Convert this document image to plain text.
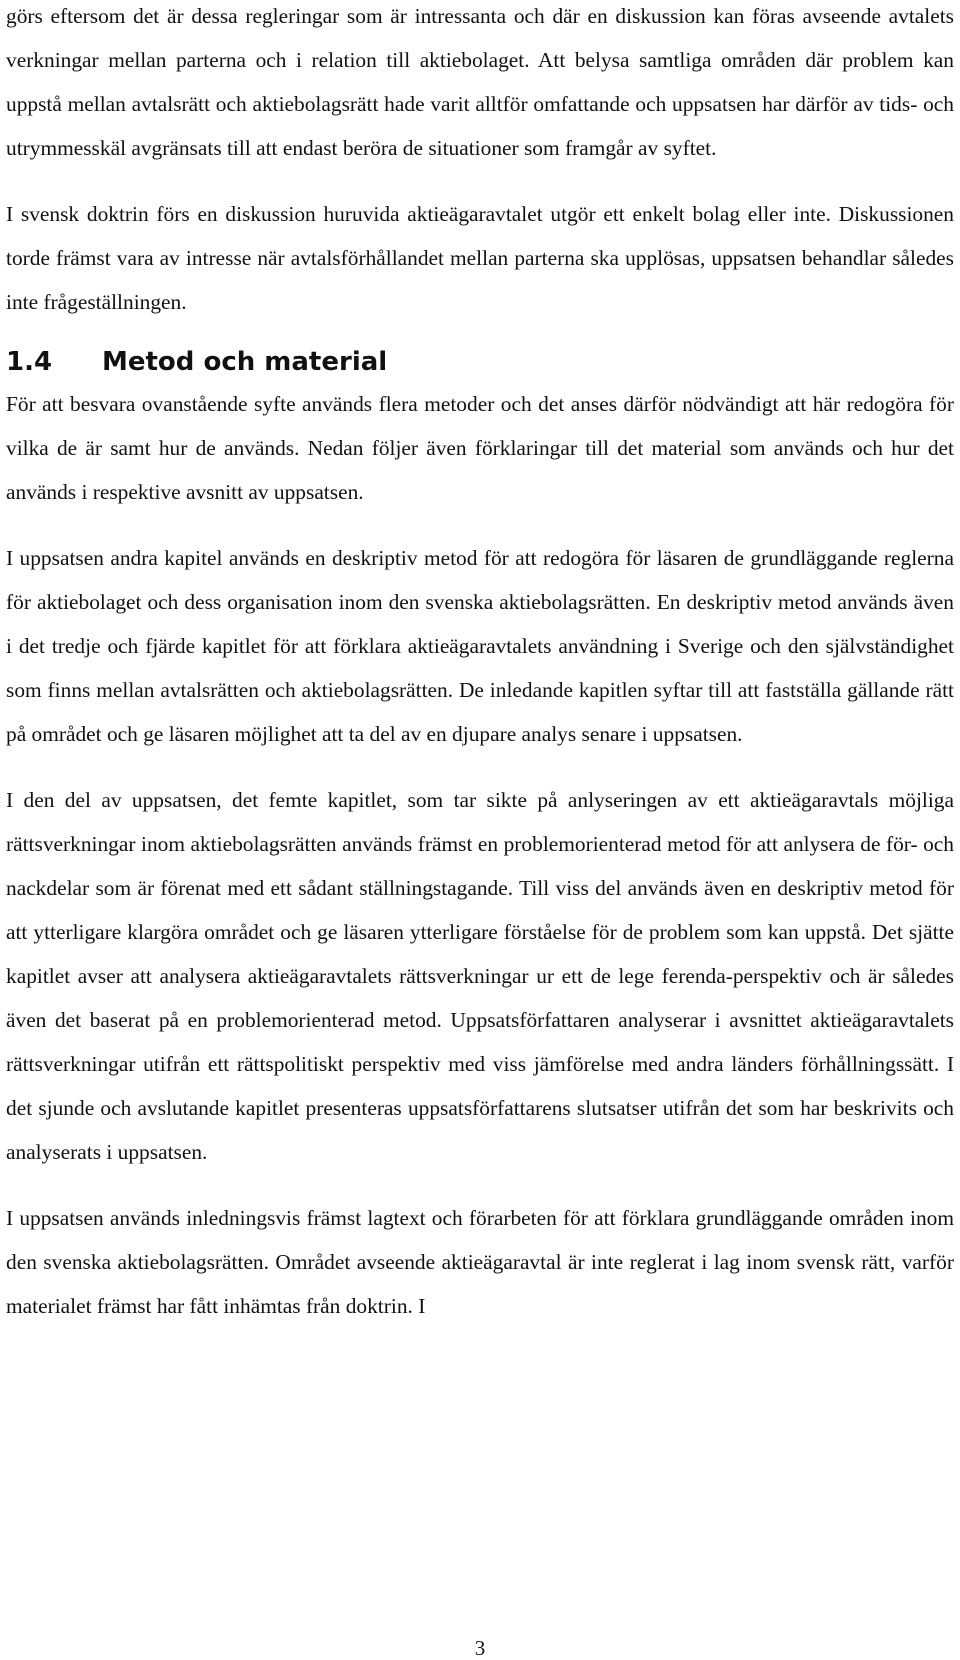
görs eftersom det är dessa regleringar som är intressanta och där en diskussion kan föras avseende avtalets verkningar mellan parterna och i relation till aktiebolaget. Att belysa samtliga områden där problem kan uppstå mellan avtalsrätt och aktiebolagsrätt hade varit alltför omfattande och uppsatsen har därför av tids- och utrymmesskäl avgränsats till att endast beröra de situationer som framgår av syftet.

I svensk doktrin förs en diskussion huruvida aktieägaravtalet utgör ett enkelt bolag eller inte. Diskussionen torde främst vara av intresse när avtalsförhållandet mellan parterna ska upplösas, uppsatsen behandlar således inte frågeställningen.

1.4 Metod och material

För att besvara ovanstående syfte används flera metoder och det anses därför nödvändigt att här redogöra för vilka de är samt hur de används. Nedan följer även förklaringar till det material som används och hur det används i respektive avsnitt av uppsatsen.

I uppsatsen andra kapitel används en deskriptiv metod för att redogöra för läsaren de grundläggande reglerna för aktiebolaget och dess organisation inom den svenska aktiebolagsrätten. En deskriptiv metod används även i det tredje och fjärde kapitlet för att förklara aktieägaravtalets användning i Sverige och den självständighet som finns mellan avtalsrätten och aktiebolagsrätten. De inledande kapitlen syftar till att fastställa gällande rätt på området och ge läsaren möjlighet att ta del av en djupare analys senare i uppsatsen.

I den del av uppsatsen, det femte kapitlet, som tar sikte på anlyseringen av ett aktieägaravtals möjliga rättsverkningar inom aktiebolagsrätten används främst en problemorienterad metod för att anlysera de för- och nackdelar som är förenat med ett sådant ställningstagande. Till viss del används även en deskriptiv metod för att ytterligare klargöra området och ge läsaren ytterligare förståelse för de problem som kan uppstå. Det sjätte kapitlet avser att analysera aktieägaravtalets rättsverkningar ur ett de lege ferenda-perspektiv och är således även det baserat på en problemorienterad metod. Uppsatsförfattaren analyserar i avsnittet aktieägaravtalets rättsverkningar utifrån ett rättspolitiskt perspektiv med viss jämförelse med andra länders förhållningssätt. I det sjunde och avslutande kapitlet presenteras uppsatsförfattarens slutsatser utifrån det som har beskrivits och analyserats i uppsatsen.

I uppsatsen används inledningsvis främst lagtext och förarbeten för att förklara grundläggande områden inom den svenska aktiebolagsrätten. Området avseende aktieägaravtal är inte reglerat i lag inom svensk rätt, varför materialet främst har fått inhämtas från doktrin. I

3
